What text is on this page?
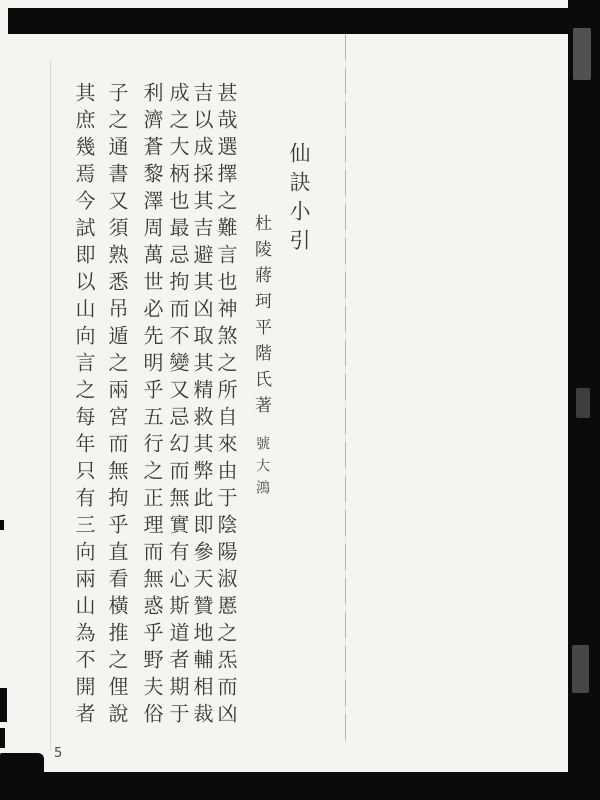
仙訣小引
杜陵蔣珂平階氏著
號大鴻
甚哉選擇之難言也神煞之所自來由于陰陽淑慝之炁而凶
吉以成採其吉避其凶取其精救其弊此即參天贊地輔相裁
成之大柄也最忌拘而不變又忌幻而無實有心斯道者期于
利濟蒼黎澤周萬世必先明乎五行之正理而無惑乎野夫俗
子之通書又須熟悉吊遁之兩宮而無拘乎直看橫推之俚說
其庶幾焉今試即以山向言之每年只有三向兩山為不開者
5
